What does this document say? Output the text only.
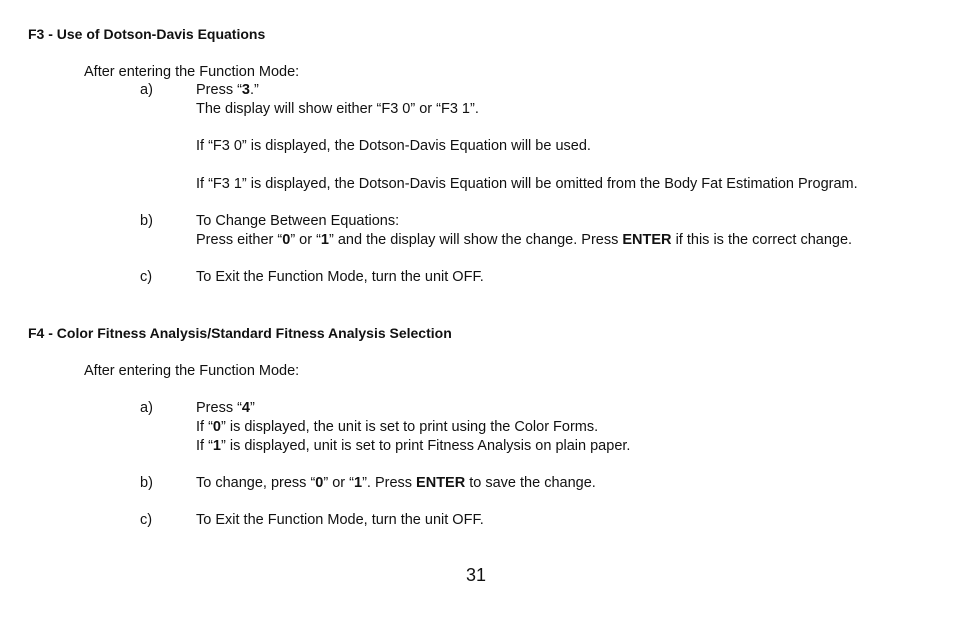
F3 - Use of Dotson-Davis Equations
After entering the Function Mode:
a)	Press “3.”
The display will show either “F3 0” or “F3 1”.
If “F3 0” is displayed, the Dotson-Davis Equation will be used.
If “F3 1” is displayed, the Dotson-Davis Equation will be omitted from the Body Fat Estimation Program.
b)	To Change Between Equations:
Press either “0” or “1” and the display will show the change. Press ENTER if this is the correct change.
c)	To Exit the Function Mode, turn the unit OFF.
F4 - Color Fitness Analysis/Standard Fitness Analysis Selection
After entering the Function Mode:
a)	Press “4”
If “0” is displayed, the unit is set to print using the Color Forms.
If “1” is displayed, unit is set to print Fitness Analysis on plain paper.
b)	To change, press “0” or “1”. Press ENTER to save the change.
c)	To Exit the Function Mode, turn the unit OFF.
31
